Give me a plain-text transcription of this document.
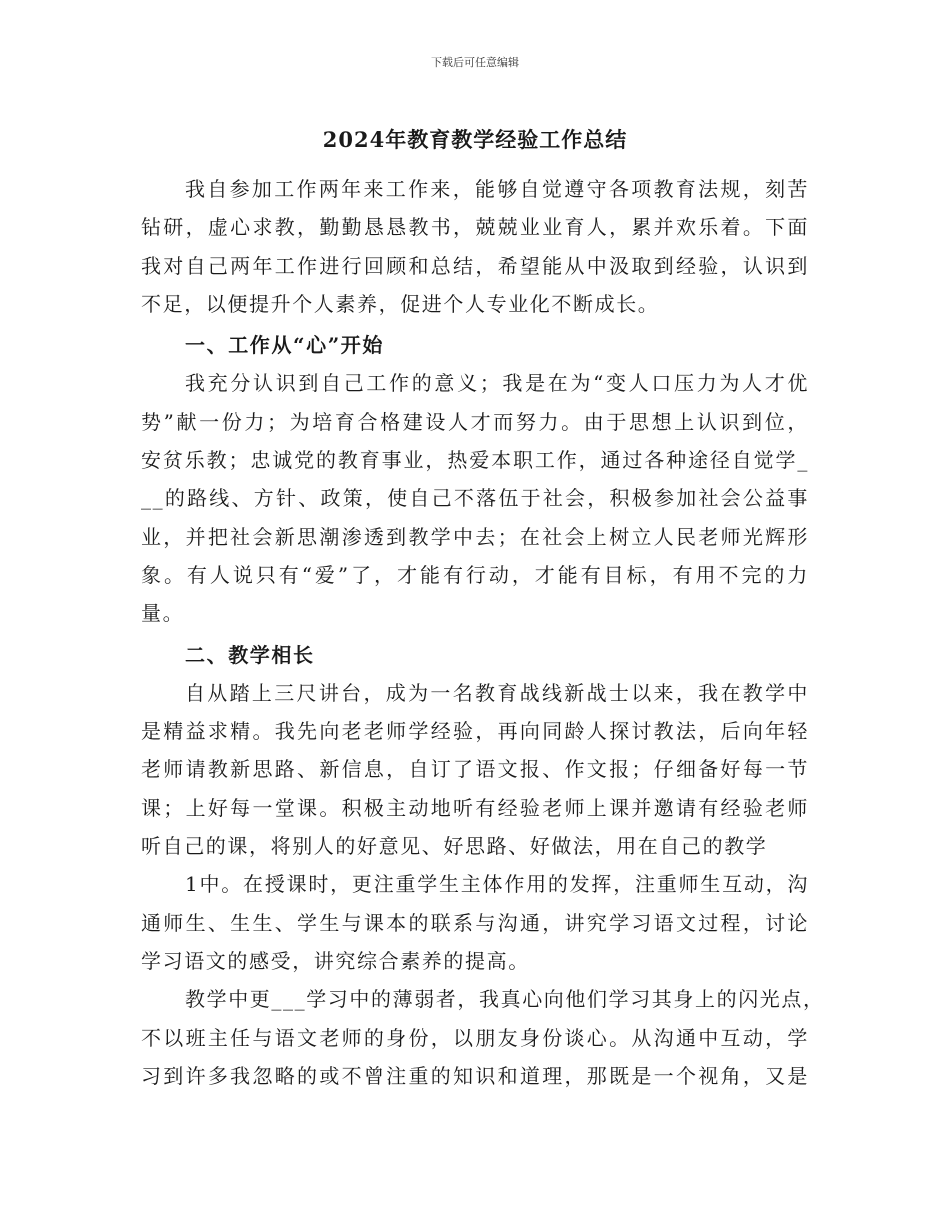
下载后可任意编辑
2024年教育教学经验工作总结
我自参加工作两年来工作来，能够自觉遵守各项教育法规，刻苦
钻研，虚心求教，勤勤恳恳教书，兢兢业业育人，累并欢乐着。下面
我对自己两年工作进行回顾和总结，希望能从中汲取到经验，认识到
不足，以便提升个人素养，促进个人专业化不断成长。
一、工作从“心”开始
我充分认识到自己工作的意义；我是在为“变人口压力为人才优
势”献一份力；为培育合格建设人才而努力。由于思想上认识到位，
安贫乐教；忠诚党的教育事业，热爱本职工作，通过各种途径自觉学_
__的路线、方针、政策，使自己不落伍于社会，积极参加社会公益事
业，并把社会新思潮渗透到教学中去；在社会上树立人民老师光辉形
象。有人说只有“爱”了，才能有行动，才能有目标，有用不完的力
量。
二、教学相长
自从踏上三尺讲台，成为一名教育战线新战士以来，我在教学中
是精益求精。我先向老老师学经验，再向同龄人探讨教法，后向年轻
老师请教新思路、新信息，自订了语文报、作文报；仔细备好每一节
课；上好每一堂课。积极主动地听有经验老师上课并邀请有经验老师
听自己的课，将别人的好意见、好思路、好做法，用在自己的教学
1中。在授课时，更注重学生主体作用的发挥，注重师生互动，沟
通师生、生生、学生与课本的联系与沟通，讲究学习语文过程，讨论
学习语文的感受，讲究综合素养的提高。
教学中更___学习中的薄弱者，我真心向他们学习其身上的闪光点，
不以班主任与语文老师的身份，以朋友身份谈心。从沟通中互动，学
习到许多我忽略的或不曾注重的知识和道理，那既是一个视角，又是
